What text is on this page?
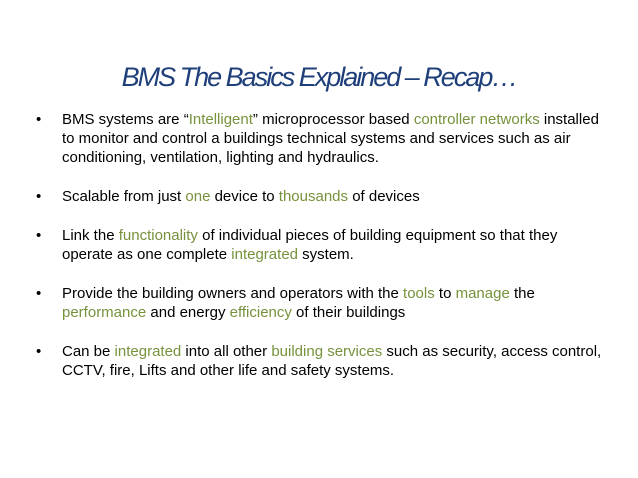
BMS The Basics Explained – Recap…
• BMS systems are “Intelligent” microprocessor based controller networks installed to monitor and control a buildings technical systems and services such as air conditioning, ventilation, lighting and hydraulics.
• Scalable from just one device to thousands of devices
• Link the functionality of individual pieces of building equipment so that they operate as one complete integrated system.
• Provide the building owners and operators with the tools to manage the performance and energy efficiency of their buildings
• Can be integrated into all other building services such as security, access control, CCTV, fire, Lifts and other life and safety systems.
